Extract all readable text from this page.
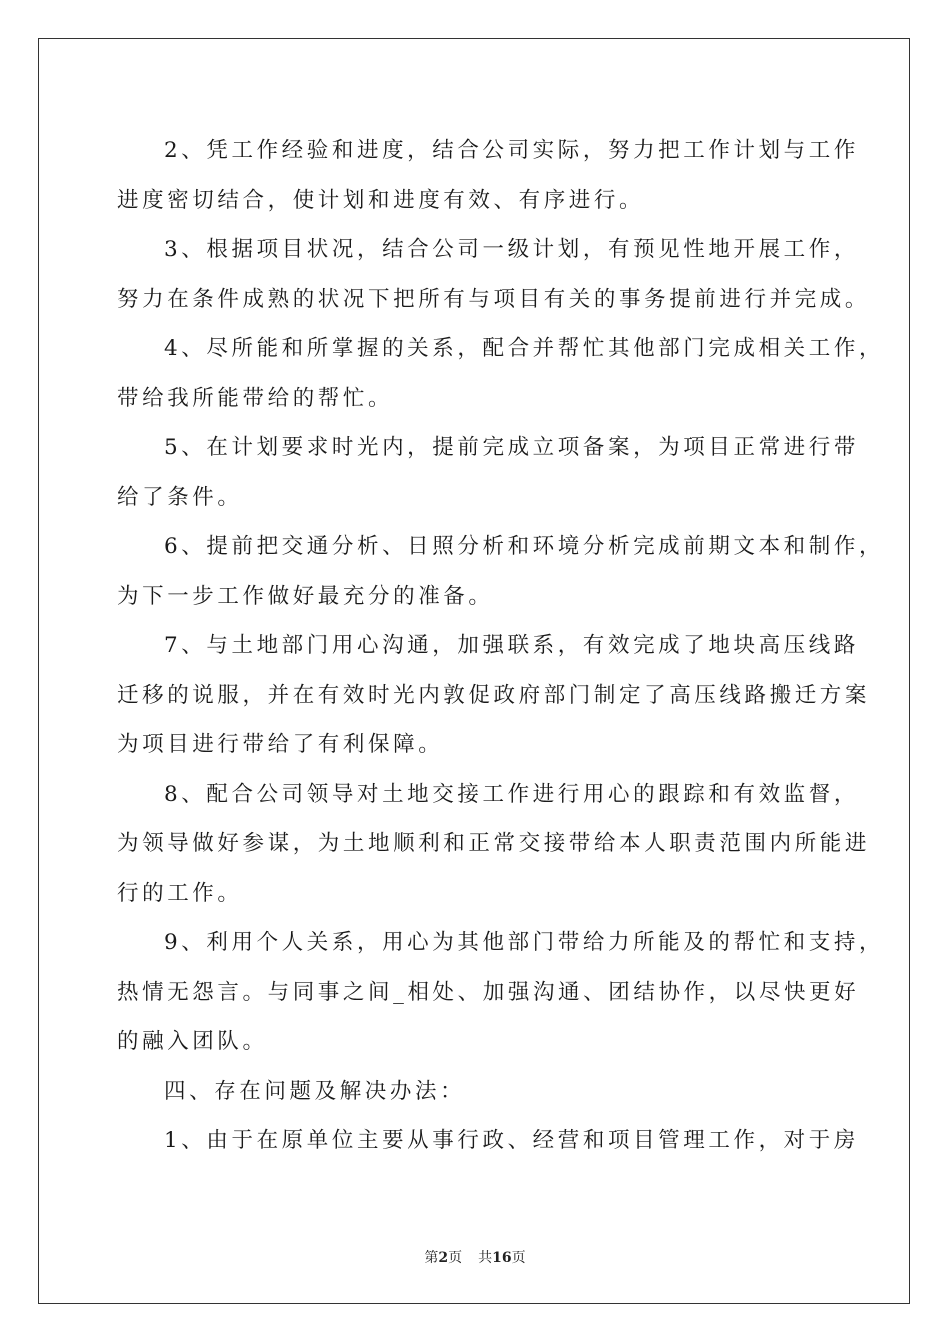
2、凭工作经验和进度，结合公司实际，努力把工作计划与工作

进度密切结合，使计划和进度有效、有序进行。

3、根据项目状况，结合公司一级计划，有预见性地开展工作，

努力在条件成熟的状况下把所有与项目有关的事务提前进行并完成。

4、尽所能和所掌握的关系，配合并帮忙其他部门完成相关工作，

带给我所能带给的帮忙。

5、在计划要求时光内，提前完成立项备案，为项目正常进行带

给了条件。

6、提前把交通分析、日照分析和环境分析完成前期文本和制作，

为下一步工作做好最充分的准备。

7、与土地部门用心沟通，加强联系，有效完成了地块高压线路

迁移的说服，并在有效时光内敦促政府部门制定了高压线路搬迁方案

为项目进行带给了有利保障。

8、配合公司领导对土地交接工作进行用心的跟踪和有效监督，

为领导做好参谋，为土地顺利和正常交接带给本人职责范围内所能进

行的工作。

9、利用个人关系，用心为其他部门带给力所能及的帮忙和支持，

热情无怨言。与同事之间_相处、加强沟通、团结协作，以尽快更好

的融入团队。

四、存在问题及解决办法：

1、由于在原单位主要从事行政、经营和项目管理工作，对于房

第2页 共16页
